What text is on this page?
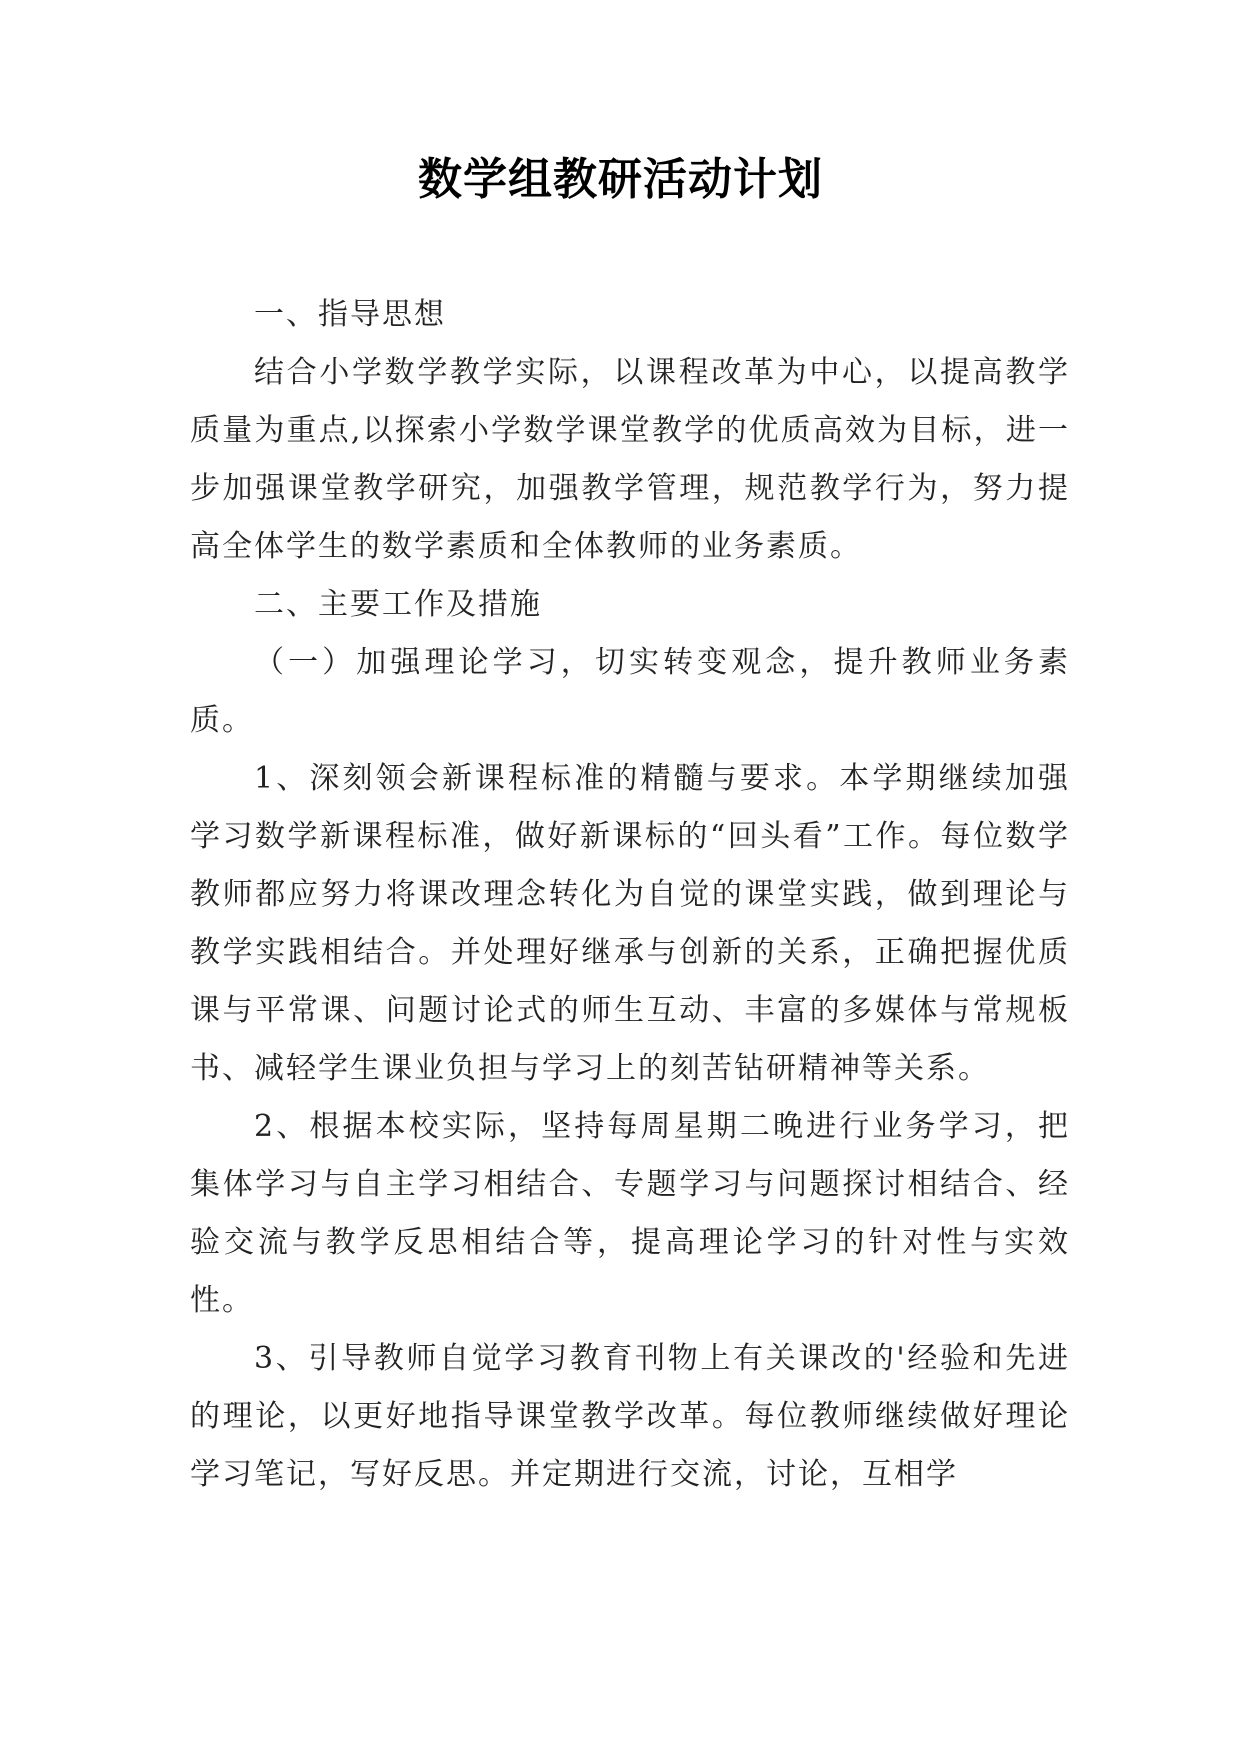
数学组教研活动计划

一、指导思想

结合小学数学教学实际，以课程改革为中心，以提高教学质量为重点,以探索小学数学课堂教学的优质高效为目标，进一步加强课堂教学研究，加强教学管理，规范教学行为，努力提高全体学生的数学素质和全体教师的业务素质。

二、主要工作及措施

（一）加强理论学习，切实转变观念，提升教师业务素质。

1、深刻领会新课程标准的精髓与要求。本学期继续加强学习数学新课程标准，做好新课标的“回头看”工作。每位数学教师都应努力将课改理念转化为自觉的课堂实践，做到理论与教学实践相结合。并处理好继承与创新的关系，正确把握优质课与平常课、问题讨论式的师生互动、丰富的多媒体与常规板书、减轻学生课业负担与学习上的刻苦钻研精神等关系。

2、根据本校实际，坚持每周星期二晚进行业务学习，把集体学习与自主学习相结合、专题学习与问题探讨相结合、经验交流与教学反思相结合等，提高理论学习的针对性与实效性。

3、引导教师自觉学习教育刊物上有关课改的'经验和先进的理论，以更好地指导课堂教学改革。每位教师继续做好理论学习笔记，写好反思。并定期进行交流，讨论，互相学
